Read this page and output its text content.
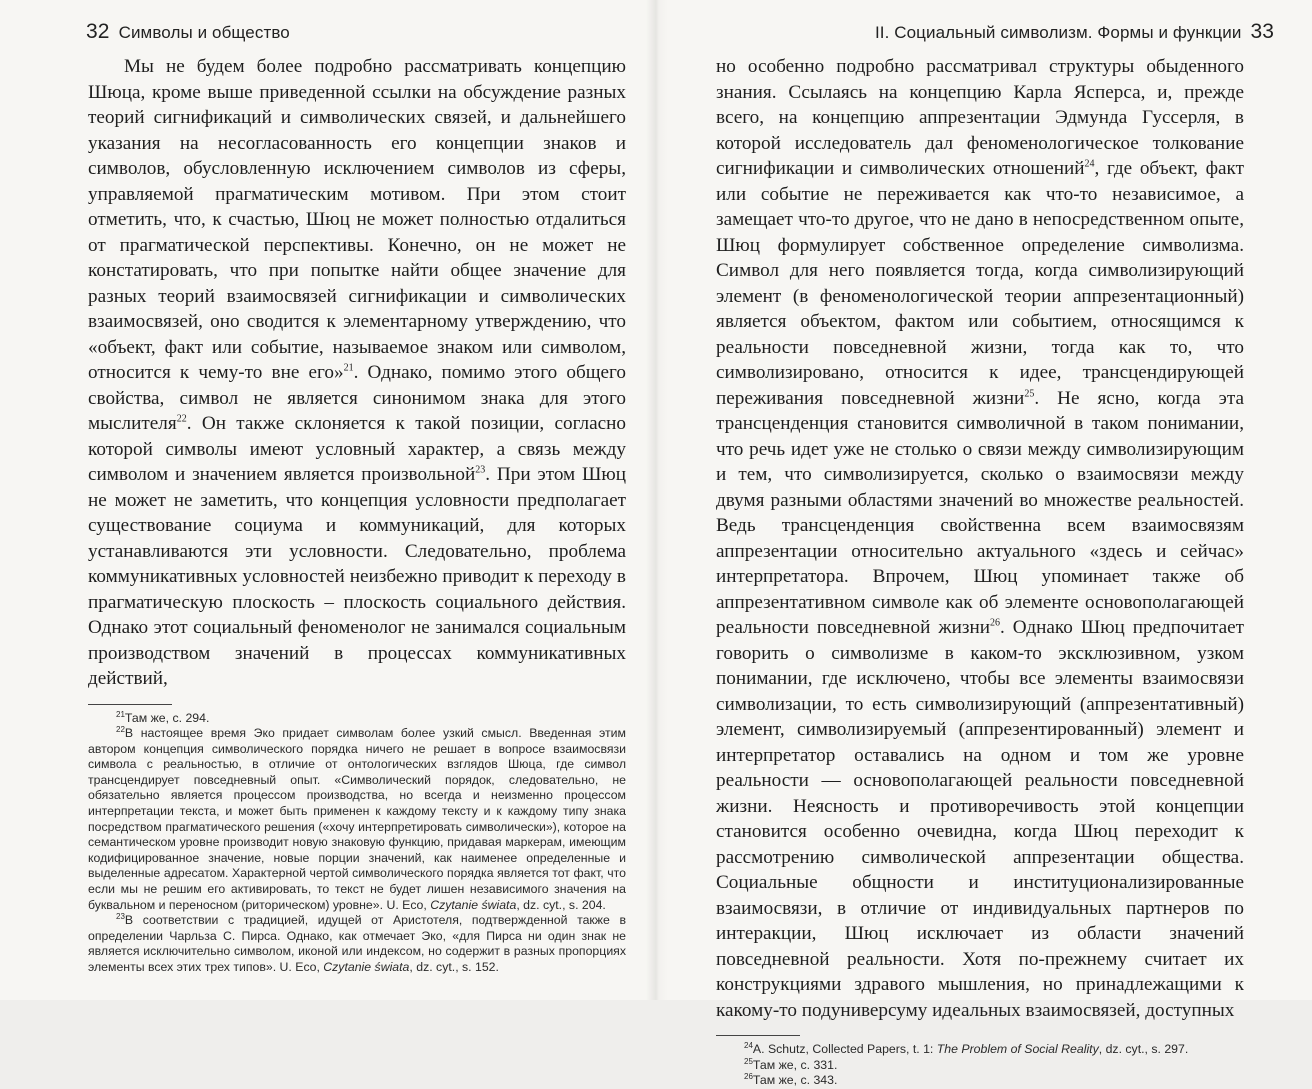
32 Символы и общество

Мы не будем более подробно рассматривать концепцию Шюца, кроме выше приведенной ссылки на обсуждение разных теорий сигнификаций и символических связей, и дальнейшего указания на несогласованность его концепции знаков и символов, обусловленную исключением символов из сферы, управляемой прагматическим мотивом. При этом стоит отметить, что, к счастью, Шюц не может полностью отдалиться от прагматической перспективы. Конечно, он не может не констатировать, что при попытке найти общее значение для разных теорий взаимосвязей сигнификации и символических взаимосвязей, оно сводится к элементарному утверждению, что «объект, факт или событие, называемое знаком или символом, относится к чему-то вне его»$^{21}$. Однако, помимо этого общего свойства, символ не является синонимом знака для этого мыслителя$^{22}$. Он также склоняется к такой позиции, согласно которой символы имеют условный характер, а связь между символом и значением является произвольной$^{23}$. При этом Шюц не может не заметить, что концепция условности предполагает существование социума и коммуникаций, для которых устанавливаются эти условности. Следовательно, проблема коммуникативных условностей неизбежно приводит к переходу в прагматическую плоскость – плоскость социального действия. Однако этот социальный феноменолог не занимался социальным производством значений в процессах коммуникативных действий,

$^{21}$Там же, с. 294.

$^{22}$В настоящее время Эко придает символам более узкий смысл. Введенная этим автором концепция символического порядка ничего не решает в вопросе взаимосвязи символа с реальностью, в отличие от онтологических взглядов Шюца, где символ трансцендирует повседневный опыт. «Символический порядок, следовательно, не обязательно является процессом производства, но всегда и неизменно процессом интерпретации текста, и может быть применен к каждому тексту и к каждому типу знака посредством прагматического решения («хочу интерпретировать символически»), которое на семантическом уровне производит новую знаковую функцию, придавая маркерам, имеющим кодифицированное значение, новые порции значений, как наименее определенные и выделенные адресатом. Характерной чертой символического порядка является тот факт, что если мы не решим его активировать, то текст не будет лишен независимого значения на буквальном и переносном (риторическом) уровне». U. Eco, Czytanie świata, dz. cyt., s. 204.

$^{23}$В соответствии с традицией, идущей от Аристотеля, подтвержденной также в определении Чарльза С. Пирса. Однако, как отмечает Эко, «для Пирса ни один знак не является исключительно символом, иконой или индексом, но содержит в разных пропорциях элементы всех этих трех типов». U. Eco, Czytanie świata, dz. cyt., s. 152.

II. Социальный символизм. Формы и функции 33

но особенно подробно рассматривал структуры обыденного знания. Ссылаясь на концепцию Карла Ясперса, и, прежде всего, на концепцию аппрезентации Эдмунда Гуссерля, в которой исследователь дал феноменологическое толкование сигнификации и символических отношений$^{24}$, где объект, факт или событие не переживается как что-то независимое, а замещает что-то другое, что не дано в непосредственном опыте, Шюц формулирует собственное определение символизма. Символ для него появляется тогда, когда символизирующий элемент (в феноменологической теории аппрезентационный) является объектом, фактом или событием, относящимся к реальности повседневной жизни, тогда как то, что символизировано, относится к идее, трансцендирующей переживания повседневной жизни$^{25}$. Не ясно, когда эта трансценденция становится символичной в таком понимании, что речь идет уже не столько о связи между символизирующим и тем, что символизируется, сколько о взаимосвязи между двумя разными областями значений во множестве реальностей. Ведь трансценденция свойственна всем взаимосвязям аппрезентации относительно актуального «здесь и сейчас» интерпретатора. Впрочем, Шюц упоминает также об аппрезентативном символе как об элементе основополагающей реальности повседневной жизни$^{26}$. Однако Шюц предпочитает говорить о символизме в каком-то эксклюзивном, узком понимании, где исключено, чтобы все элементы взаимосвязи символизации, то есть символизирующий (аппрезентативный) элемент, символизируемый (аппрезентированный) элемент и интерпретатор оставались на одном и том же уровне реальности — основополагающей реальности повседневной жизни. Неясность и противоречивость этой концепции становится особенно очевидна, когда Шюц переходит к рассмотрению символической аппрезентации общества. Социальные общности и институционализированные взаимосвязи, в отличие от индивидуальных партнеров по интеракции, Шюц исключает из области значений повседневной реальности. Хотя по-прежнему считает их конструкциями здравого мышления, но принадлежащими к какому-то подуниверсуму идеальных взаимосвязей, доступных

$^{24}$A. Schutz, Collected Papers, t. 1: The Problem of Social Reality, dz. cyt., s. 297.

$^{25}$Там же, с. 331.

$^{26}$Там же, с. 343.
